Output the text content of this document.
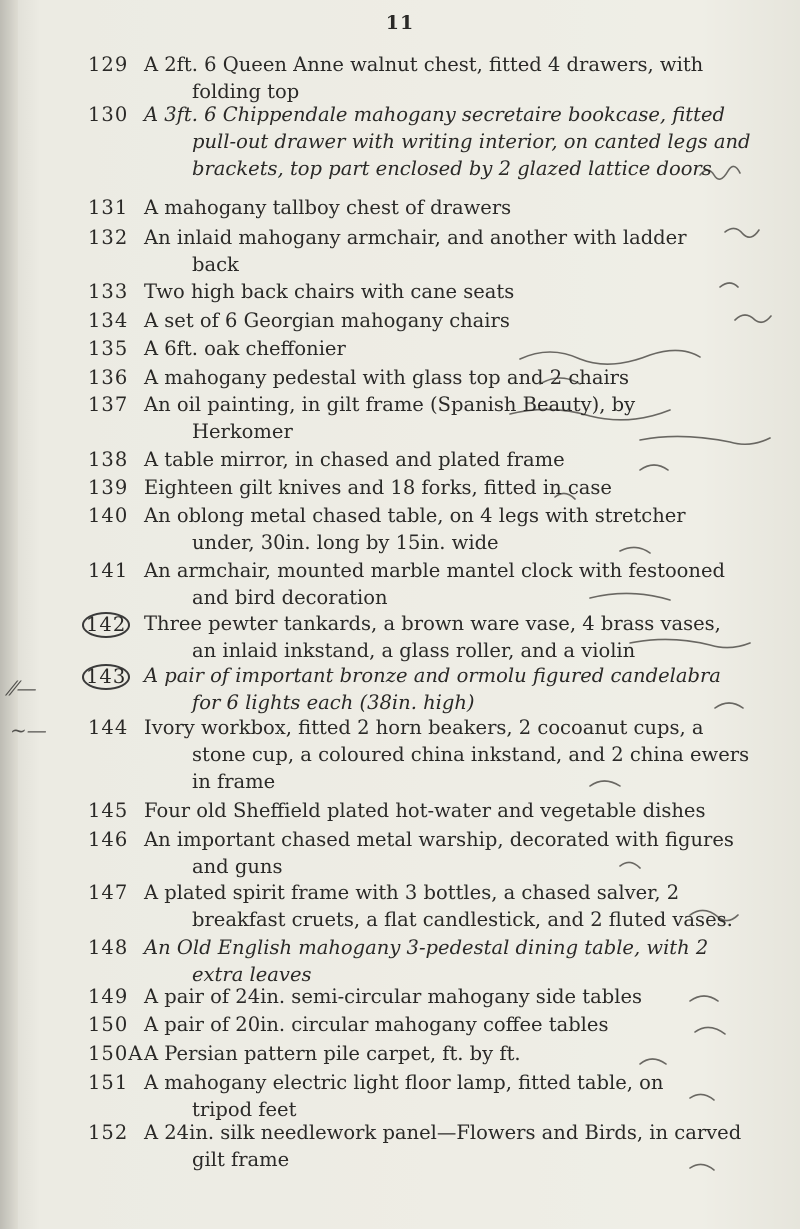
11
⁄⁄—
~—
129 A 2ft. 6 Queen Anne walnut chest, fitted 4 drawers, with
folding top
130 A 3ft. 6 Chippendale mahogany secretaire bookcase, fitted
pull-out drawer with writing interior, on canted legs and
brackets, top part enclosed by 2 glazed lattice doors
131 A mahogany tallboy chest of drawers
132 An inlaid mahogany armchair, and another with ladder
back
133 Two high back chairs with cane seats
134 A set of 6 Georgian mahogany chairs
135 A 6ft. oak cheffonier
136 A mahogany pedestal with glass top and 2 chairs
137 An oil painting, in gilt frame (Spanish Beauty), by
Herkomer
138 A table mirror, in chased and plated frame
139 Eighteen gilt knives and 18 forks, fitted in case
140 An oblong metal chased table, on 4 legs with stretcher
under, 30in. long by 15in. wide
141 An armchair, mounted marble mantel clock with festooned
and bird decoration
142 Three pewter tankards, a brown ware vase, 4 brass vases,
an inlaid inkstand, a glass roller, and a violin
143 A pair of important bronze and ormolu figured candelabra
for 6 lights each (38in. high)
144 Ivory workbox, fitted 2 horn beakers, 2 cocoanut cups, a
stone cup, a coloured china inkstand, and 2 china ewers
in frame
145 Four old Sheffield plated hot-water and vegetable dishes
146 An important chased metal warship, decorated with figures
and guns
147 A plated spirit frame with 3 bottles, a chased salver, 2
breakfast cruets, a flat candlestick, and 2 fluted vases.
148 An Old English mahogany 3-pedestal dining table, with 2
extra leaves
149 A pair of 24in. semi-circular mahogany side tables
150 A pair of 20in. circular mahogany coffee tables
150A A Persian pattern pile carpet, ft. by ft.
151 A mahogany electric light floor lamp, fitted table, on
tripod feet
152 A 24in. silk needlework panel—Flowers and Birds, in carved
gilt frame
